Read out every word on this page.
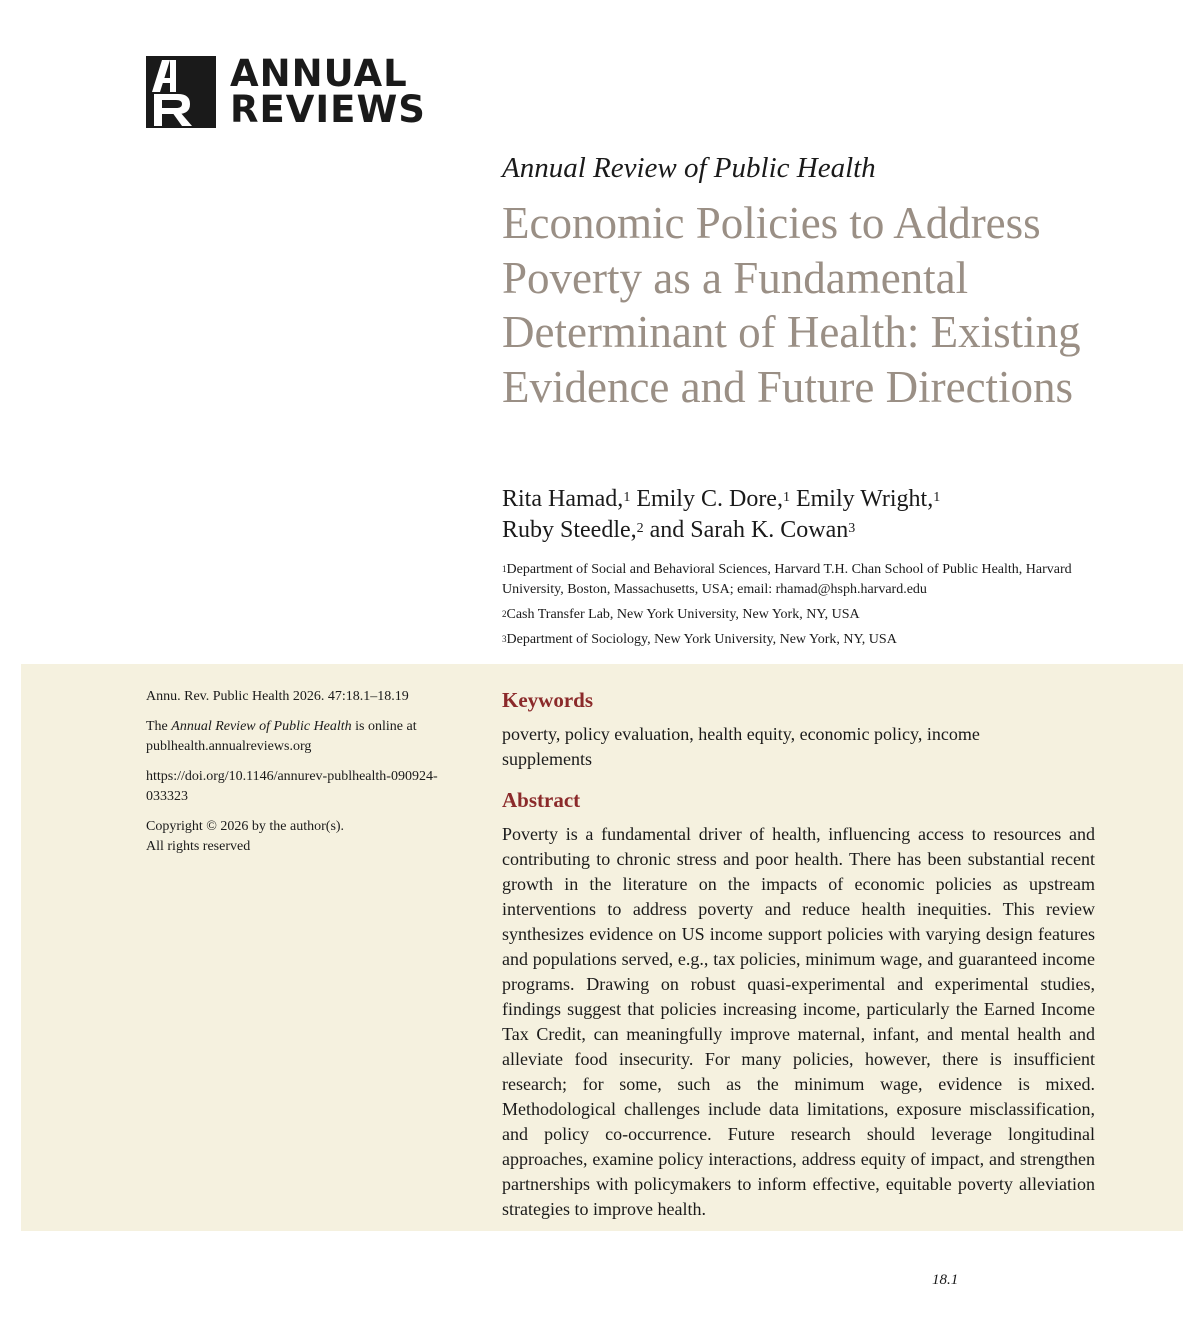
ANNUAL
REVIEWS
Annual Review of Public Health
Economic Policies to Address Poverty as a Fundamental Determinant of Health: Existing Evidence and Future Directions
Rita Hamad,$^1$ Emily C. Dore,$^1$ Emily Wright,$^1$
Ruby Steedle,$^2$ and Sarah K. Cowan$^3$

$^1$Department of Social and Behavioral Sciences, Harvard T.H. Chan School of Public Health, Harvard University, Boston, Massachusetts, USA; email: rhamad@hsph.harvard.edu

$^2$Cash Transfer Lab, New York University, New York, NY, USA

$^3$Department of Sociology, New York University, New York, NY, USA

Annu. Rev. Public Health 2026. 47:18.1–18.19

The Annual Review of Public Health is online at publhealth.annualreviews.org

https://doi.org/10.1146/annurev-publhealth-090924-033323

Copyright © 2026 by the author(s).
All rights reserved

Keywords
poverty, policy evaluation, health equity, economic policy, income supplements
Abstract

Poverty is a fundamental driver of health, influencing access to resources and contributing to chronic stress and poor health. There has been substantial recent growth in the literature on the impacts of economic policies as upstream interventions to address poverty and reduce health inequities. This review synthesizes evidence on US income support policies with varying design features and populations served, e.g., tax policies, minimum wage, and guaranteed income programs. Drawing on robust quasi-experimental and experimental studies, findings suggest that policies increasing income, particularly the Earned Income Tax Credit, can meaningfully improve maternal, infant, and mental health and alleviate food insecurity. For many policies, however, there is insufficient research; for some, such as the minimum wage, evidence is mixed. Methodological challenges include data limitations, exposure misclassification, and policy co-occurrence. Future research should leverage longitudinal approaches, examine policy interactions, address equity of impact, and strengthen partnerships with policymakers to inform effective, equitable poverty alleviation strategies to improve health.

18.1
